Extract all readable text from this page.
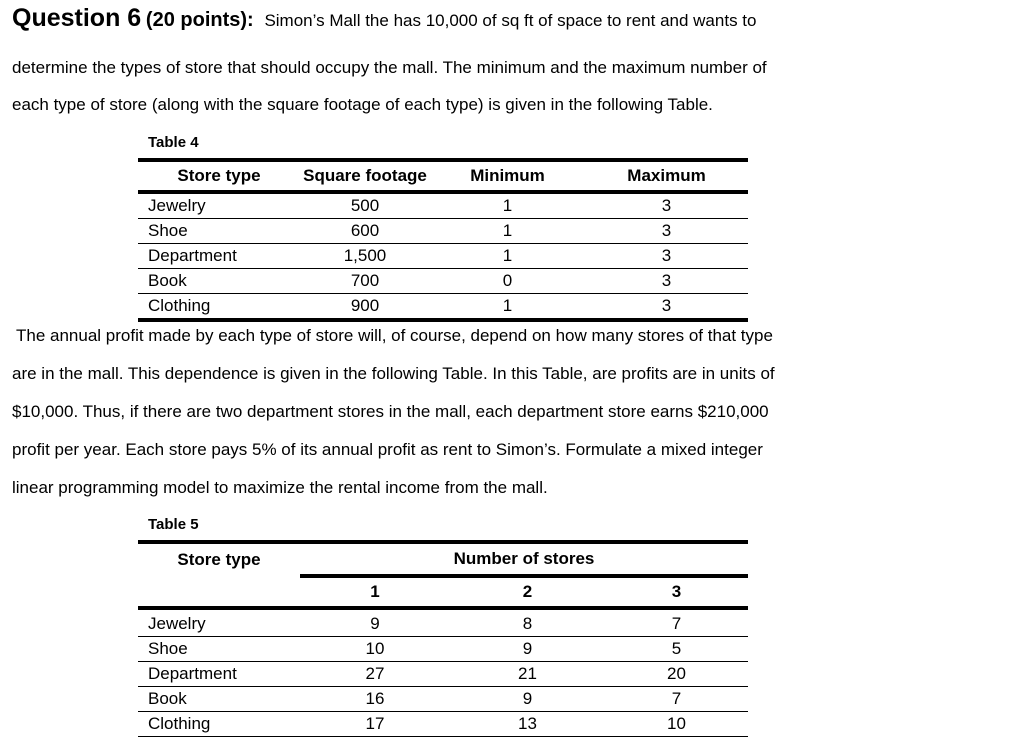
Question 6 (20 points): Simon’s Mall the has 10,000 of sq ft of space to rent and wants to
determine the types of store that should occupy the mall. The minimum and the maximum number of
each type of store (along with the square footage of each type) is given in the following Table.
Table 4
Store type	Square footage	Minimum	Maximum
Jewelry	500	1	3
Shoe	600	1	3
Department	1,500	1	3
Book	700	0	3
Clothing	900	1	3
The annual profit made by each type of store will, of course, depend on how many stores of that type
are in the mall. This dependence is given in the following Table. In this Table, are profits are in units of
$10,000. Thus, if there are two department stores in the mall, each department store earns $210,000
profit per year. Each store pays 5% of its annual profit as rent to Simon’s. Formulate a mixed integer
linear programming model to maximize the rental income from the mall.
Table 5
Store type	Number of stores		
	1	2	3
Jewelry	9	8	7
Shoe	10	9	5
Department	27	21	20
Book	16	9	7
Clothing	17	13	10
